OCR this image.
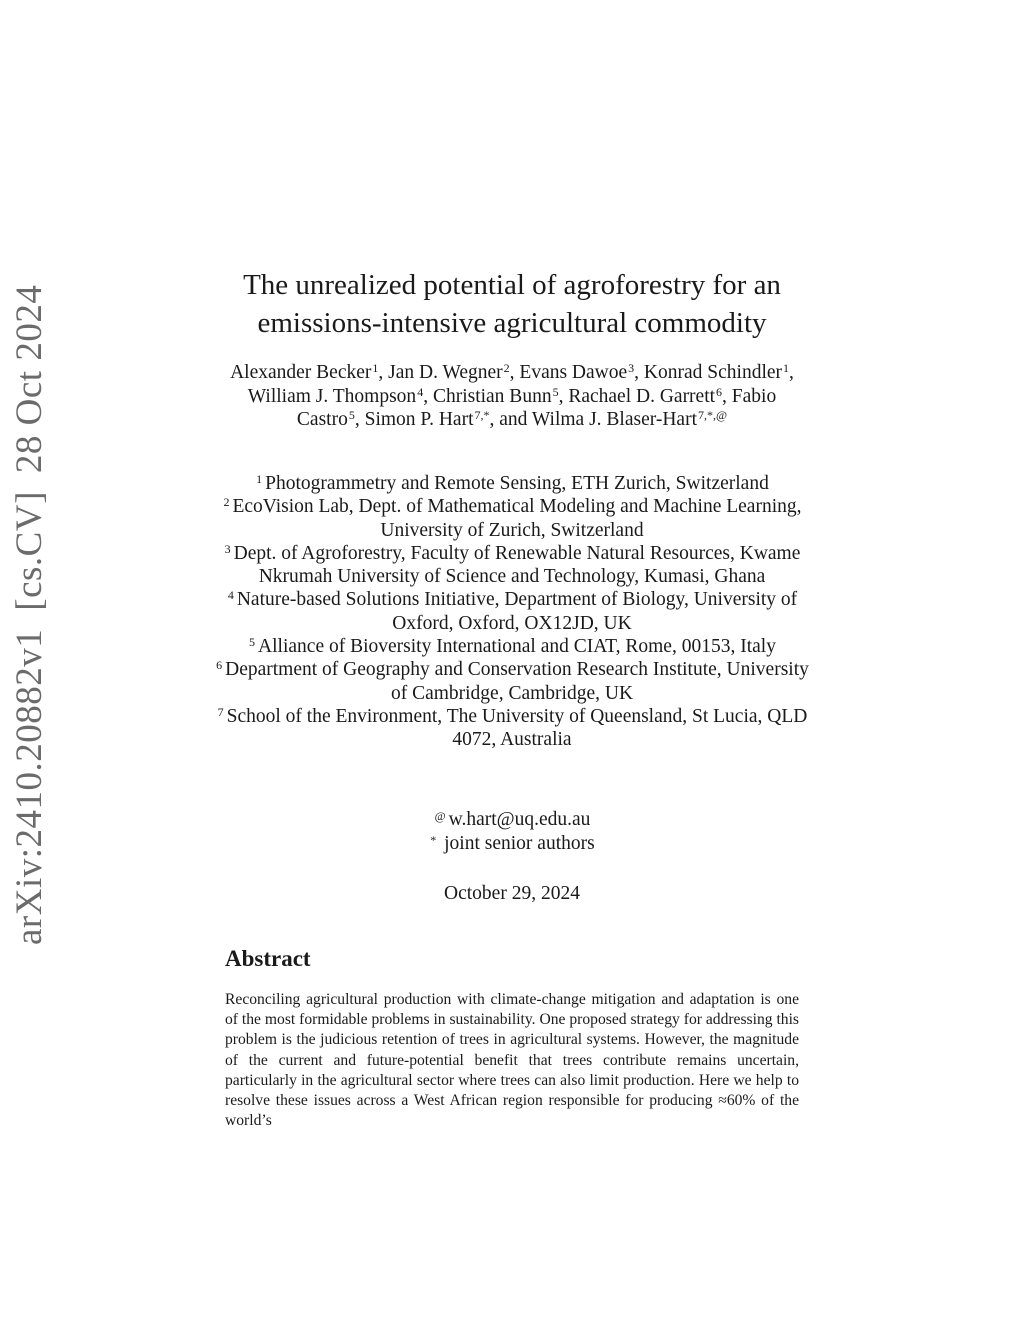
arXiv:2410.20882v1[cs.CV]28 Oct 2024	The unrealized potential of agroforestry for an
emissions-intensive agricultural commodity
Alexander Becker$^1$, Jan D. Wegner$^2$, Evans Dawoe$^3$, Konrad Schindler$^1$, William J. Thompson$^4$, Christian Bunn$^5$, Rachael D. Garrett$^6$, Fabio Castro$^5$, Simon P. Hart$^{7,*}$, and Wilma J. Blaser-Hart$^{7,*,@}$
$^1$ Photogrammetry and Remote Sensing, ETH Zurich, Switzerland
$^2$ EcoVision Lab, Dept. of Mathematical Modeling and Machine Learning, University of Zurich, Switzerland
$^3$ Dept. of Agroforestry, Faculty of Renewable Natural Resources, Kwame Nkrumah University of Science and Technology, Kumasi, Ghana
$^4$ Nature-based Solutions Initiative, Department of Biology, University of Oxford, Oxford, OX12JD, UK
$^5$ Alliance of Bioversity International and CIAT, Rome, 00153, Italy
$^6$ Department of Geography and Conservation Research Institute, University of Cambridge, Cambridge, UK
$^7$ School of the Environment, The University of Queensland, St Lucia, QLD 4072, Australia
@ w.hart@uq.edu.au
* joint senior authors
October 29, 2024
Abstract

Reconciling agricultural production with climate-change mitigation and adaptation is one of the most formidable problems in sustainability. One proposed strategy for addressing this problem is the judicious retention of trees in agricultural systems. However, the magnitude of the current and future-potential benefit that trees contribute remains uncertain, particularly in the agricultural sector where trees can also limit production. Here we help to resolve these issues across a West African region responsible for producing ≈60% of the world’s
